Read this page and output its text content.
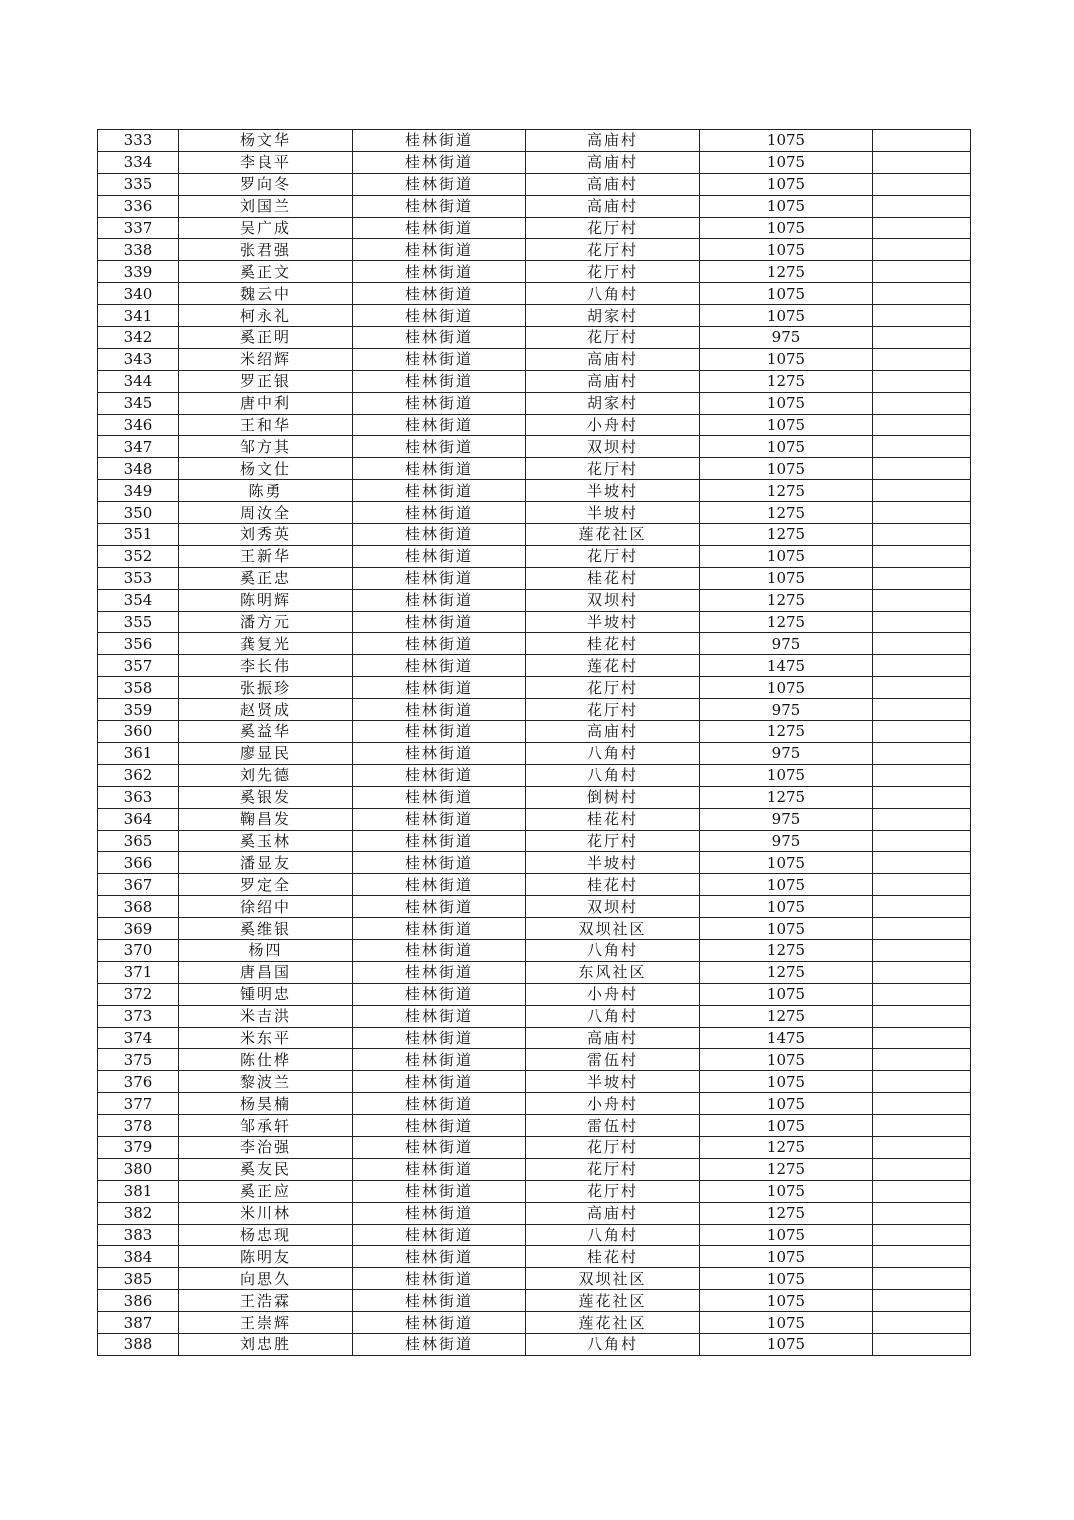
333	杨文华	桂林街道	高庙村	1075	
334	李良平	桂林街道	高庙村	1075	
335	罗向冬	桂林街道	高庙村	1075	
336	刘国兰	桂林街道	高庙村	1075	
337	吴广成	桂林街道	花厅村	1075	
338	张君强	桂林街道	花厅村	1075	
339	奚正文	桂林街道	花厅村	1275	
340	魏云中	桂林街道	八角村	1075	
341	柯永礼	桂林街道	胡家村	1075	
342	奚正明	桂林街道	花厅村	975	
343	米绍辉	桂林街道	高庙村	1075	
344	罗正银	桂林街道	高庙村	1275	
345	唐中利	桂林街道	胡家村	1075	
346	王和华	桂林街道	小舟村	1075	
347	邹方其	桂林街道	双坝村	1075	
348	杨文仕	桂林街道	花厅村	1075	
349	陈勇	桂林街道	半坡村	1275	
350	周汝全	桂林街道	半坡村	1275	
351	刘秀英	桂林街道	莲花社区	1275	
352	王新华	桂林街道	花厅村	1075	
353	奚正忠	桂林街道	桂花村	1075	
354	陈明辉	桂林街道	双坝村	1275	
355	潘方元	桂林街道	半坡村	1275	
356	龚复光	桂林街道	桂花村	975	
357	李长伟	桂林街道	莲花村	1475	
358	张振珍	桂林街道	花厅村	1075	
359	赵贤成	桂林街道	花厅村	975	
360	奚益华	桂林街道	高庙村	1275	
361	廖显民	桂林街道	八角村	975	
362	刘先德	桂林街道	八角村	1075	
363	奚银发	桂林街道	倒树村	1275	
364	鞠昌发	桂林街道	桂花村	975	
365	奚玉林	桂林街道	花厅村	975	
366	潘显友	桂林街道	半坡村	1075	
367	罗定全	桂林街道	桂花村	1075	
368	徐绍中	桂林街道	双坝村	1075	
369	奚维银	桂林街道	双坝社区	1075	
370	杨四	桂林街道	八角村	1275	
371	唐昌国	桂林街道	东风社区	1275	
372	锺明忠	桂林街道	小舟村	1075	
373	米吉洪	桂林街道	八角村	1275	
374	米东平	桂林街道	高庙村	1475	
375	陈仕桦	桂林街道	雷伍村	1075	
376	黎波兰	桂林街道	半坡村	1075	
377	杨昊楠	桂林街道	小舟村	1075	
378	邹承轩	桂林街道	雷伍村	1075	
379	李治强	桂林街道	花厅村	1275	
380	奚友民	桂林街道	花厅村	1275	
381	奚正应	桂林街道	花厅村	1075	
382	米川林	桂林街道	高庙村	1275	
383	杨忠现	桂林街道	八角村	1075	
384	陈明友	桂林街道	桂花村	1075	
385	向思久	桂林街道	双坝社区	1075	
386	王浩霖	桂林街道	莲花社区	1075	
387	王崇辉	桂林街道	莲花社区	1075	
388	刘忠胜	桂林街道	八角村	1075	
